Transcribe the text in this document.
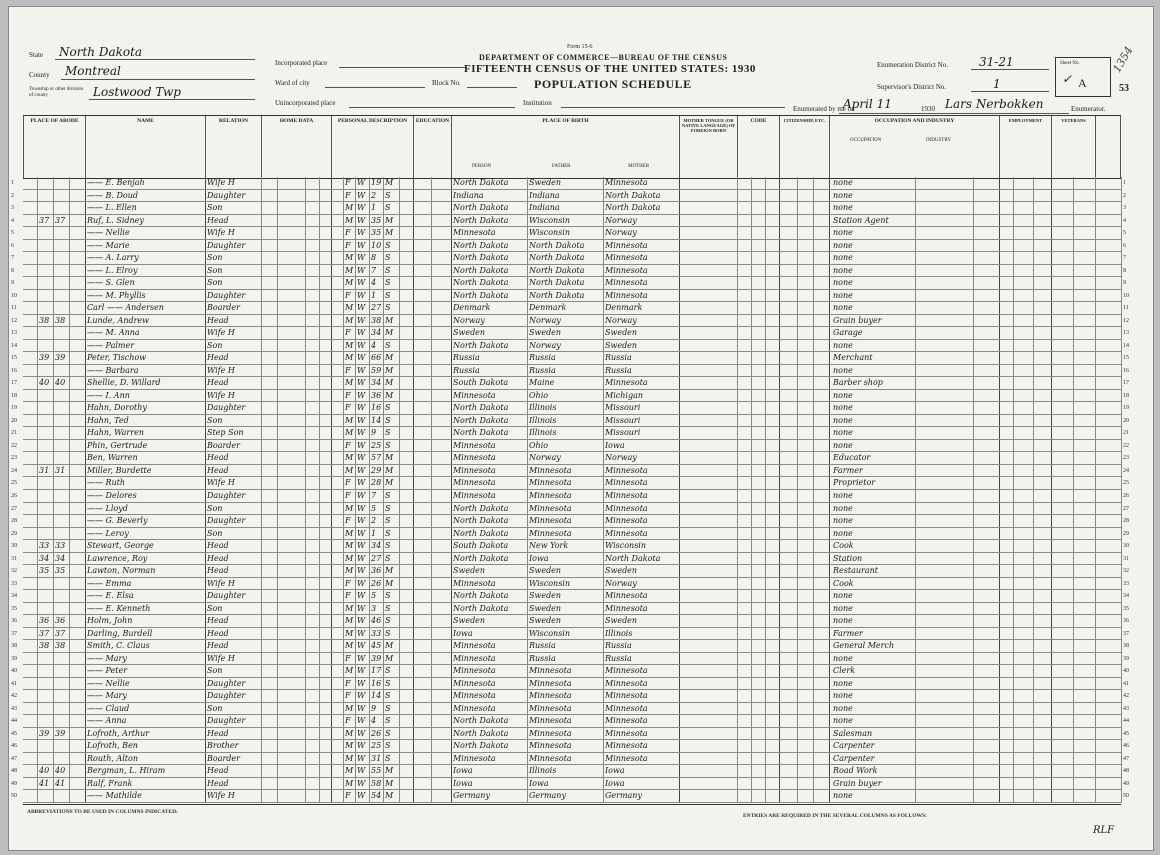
Form 15-6
DEPARTMENT OF COMMERCE—BUREAU OF THE CENSUS
FIFTEENTH CENSUS OF THE UNITED STATES: 1930
POPULATION SCHEDULE
State North Dakota
County Montreal
Township or other division of county	Lostwood Twp
Incorporated place
Ward of city	Block No.
Unincorporated place	Institution
Enumeration District No.	31-21
Supervisor's District No.	1
Sheet No.
A
✓
1354
53
Enumerated by me on
April 11	1930 Lars Nerbokken	Enumerator.
PLACE OF ABODE	NAME	RELATION	HOME DATA	PERSONAL DESCRIPTION	EDUCATION	PLACE OF BIRTH
PERSON	FATHER	MOTHER
MOTHER TONGUE (OR NATIVE LANGUAGE) OF FOREIGN BORN
CODE	CITIZENSHIP, ETC.	OCCUPATION AND INDUSTRY
OCCUPATION	INDUSTRY
EMPLOYMENT	VETERANS
1	—— E. Benjah	Wife H	F W 19 M	North Dakota	Sweden	Minnesota	none	1
2	—— B. Doud	Daughter	F W 2	S	Indiana	Indiana	North Dakota	none	2
3	—— L. Ellen	Son	M W 1	S	North Dakota	Indiana	North Dakota	none	3
4	37 37	Ruf, L. Sidney	Head	M W 35 M	North Dakota	Wisconsin	Norway	Station Agent	4
5	—— Nellie	Wife H	F W 35 M	Minnesota	Wisconsin	Norway	none	5
6	—— Marie	Daughter	F W 10 S	North Dakota	North Dakota	Minnesota	none	6
7	—— A. Larry	Son	M W 8	S	North Dakota	North Dakota	Minnesota	none	7
8	—— L. Elroy	Son	M W 7	S	North Dakota	North Dakota	Minnesota	none	8
9	—— S. Glen	Son	M W 4	S	North Dakota	North Dakota	Minnesota	none	9
10	—— M. Phyllis	Daughter	F W 1	S	North Dakota	North Dakota	Minnesota	none	10
11	Carl —— Andersen	Boarder	M W 27 S	Denmark	Denmark	Denmark	none	11
12	38 38	Lunde, Andrew	Head	M W 38 M	Norway	Norway	Norway	Grain buyer	12
13	—— M. Anna	Wife H	F W 34 M	Sweden	Sweden	Sweden	Garage	13
14	—— Palmer	Son	M W 4	S	North Dakota	Norway	Sweden	none	14
15	39 39	Peter, Tischow	Head	M W 66 M	Russia	Russia	Russia	Merchant	15
16	—— Barbara	Wife H	F W 59 M	Russia	Russia	Russia	none	16
17	40 40	Shellie, D. Willard	Head	M W 34 M	South Dakota	Maine	Minnesota	Barber shop	17
18	—— I. Ann	Wife H	F W 36 M	Minnesota	Ohio	Michigan	none	18
19	Hahn, Dorothy	Daughter	F W 16 S	North Dakota	Illinois	Missouri	none	19
20	Hahn, Ted	Son	M W 14 S	North Dakota	Illinois	Missouri	none	20
21	Hahn, Warren	Step Son	M W 9	S	North Dakota	Illinois	Missouri	none	21
22	Phin, Gertrude	Boarder	F W 25 S	Minnesota	Ohio	Iowa	none	22
23	Ben, Warren	Head	M W 57 M	Minnesota	Norway	Norway	Educator	23
24	31 31	Miller, Burdette	Head	M W 29 M	Minnesota	Minnesota	Minnesota	Farmer	24
25	—— Ruth	Wife H	F W 28 M	Minnesota	Minnesota	Minnesota	Proprietor	25
26	—— Delores	Daughter	F W 7	S	Minnesota	Minnesota	Minnesota	none	26
27	—— Lloyd	Son	M W 5	S	North Dakota	Minnesota	Minnesota	none	27
28	—— G. Beverly	Daughter	F W 2	S	North Dakota	Minnesota	Minnesota	none	28
29	—— Leroy	Son	M W 1	S	North Dakota	Minnesota	Minnesota	none	29
30	33 33	Stewart, George	Head	M W 34 S	South Dakota	New York	Wisconsin	Cook	30
31	34 34	Lawrence, Roy	Head	M W 27 S	North Dakota	Iowa	North Dakota	Station	31
32	35 35	Lawton, Norman	Head	M W 36 M	Sweden	Sweden	Sweden	Restaurant	32
33	—— Emma	Wife H	F W 26 M	Minnesota	Wisconsin	Norway	Cook	33
34	—— E. Elsa	Daughter	F W 5	S	North Dakota	Sweden	Minnesota	none	34
35	—— E. Kenneth	Son	M W 3	S	North Dakota	Sweden	Minnesota	none	35
36	36 36	Holm, John	Head	M W 46 S	Sweden	Sweden	Sweden	none	36
37	37 37	Darling, Burdell	Head	M W 33 S	Iowa	Wisconsin	Illinois	Farmer	37
38	38 38	Smith, C. Claus	Head	M W 45 M	Minnesota	Russia	Russia	General Merch	38
39	—— Mary	Wife H	F W 39 M	Minnesota	Russia	Russia	none	39
40	—— Peter	Son	M W 17 S	Minnesota	Minnesota	Minnesota	Clerk	40
41	—— Nellie	Daughter	F W 16 S	Minnesota	Minnesota	Minnesota	none	41
42	—— Mary	Daughter	F W 14 S	Minnesota	Minnesota	Minnesota	none	42
43	—— Claud	Son	M W 9	S	Minnesota	Minnesota	Minnesota	none	43
44	—— Anna	Daughter	F W 4	S	North Dakota	Minnesota	Minnesota	none	44
45	39 39	Lofroth, Arthur	Head	M W 26 S	North Dakota	Minnesota	Minnesota	Salesman	45
46	Lofroth, Ben	Brother	M W 25 S	North Dakota	Minnesota	Minnesota	Carpenter	46
47	Routh, Alton	Boarder	M W 31 S	Minnesota	Minnesota	Minnesota	Carpenter	47
48	40 40	Bergman, L. Hiram	Head	M W 55 M	Iowa	Illinois	Iowa	Road Work	48
49	41 41	Ralf, Frank	Head	M W 58 M	Iowa	Iowa	Iowa	Grain buyer	49
50	—— Mathilde	Wife H	F W 54 M	Germany	Germany	Germany	none	50
ABBREVIATIONS TO BE USED IN COLUMNS INDICATED:
ENTRIES ARE REQUIRED IN THE SEVERAL COLUMNS AS FOLLOWS:
RLF
